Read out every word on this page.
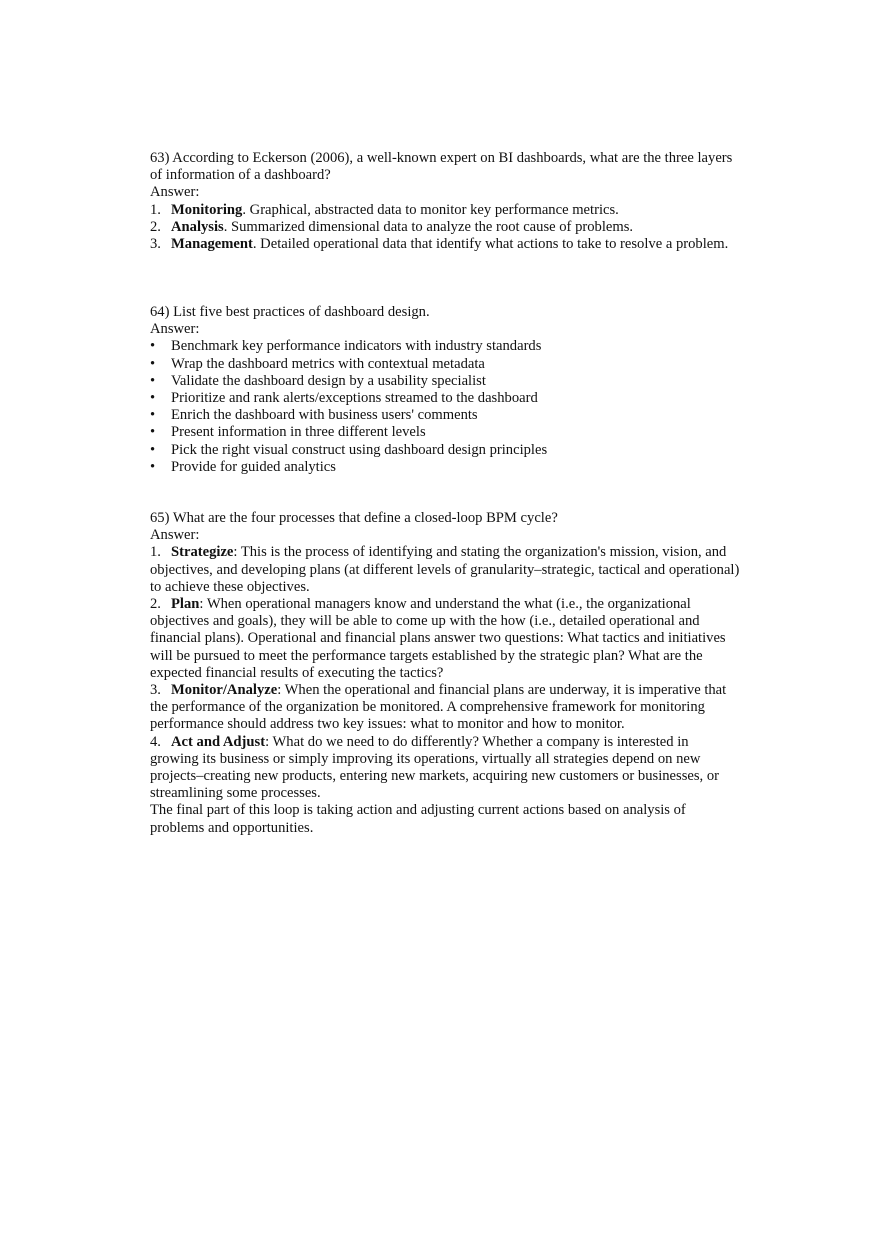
63) According to Eckerson (2006), a well-known expert on BI dashboards, what are the three layers of information of a dashboard?

Answer:

1. Monitoring. Graphical, abstracted data to monitor key performance metrics.

2. Analysis. Summarized dimensional data to analyze the root cause of problems.

3. Management. Detailed operational data that identify what actions to take to resolve a problem.

64) List five best practices of dashboard design.

Answer:

• Benchmark key performance indicators with industry standards
• Wrap the dashboard metrics with contextual metadata
• Validate the dashboard design by a usability specialist
• Prioritize and rank alerts/exceptions streamed to the dashboard
• Enrich the dashboard with business users' comments
• Present information in three different levels
• Pick the right visual construct using dashboard design principles
• Provide for guided analytics

65) What are the four processes that define a closed-loop BPM cycle?

Answer:

1. Strategize: This is the process of identifying and stating the organization's mission, vision, and objectives, and developing plans (at different levels of granularity–strategic, tactical and operational) to achieve these objectives.

2. Plan: When operational managers know and understand the what (i.e., the organizational objectives and goals), they will be able to come up with the how (i.e., detailed operational and financial plans). Operational and financial plans answer two questions: What tactics and initiatives will be pursued to meet the performance targets established by the strategic plan? What are the expected financial results of executing the tactics?

3. Monitor/Analyze: When the operational and financial plans are underway, it is imperative that the performance of the organization be monitored. A comprehensive framework for monitoring performance should address two key issues: what to monitor and how to monitor.

4. Act and Adjust: What do we need to do differently? Whether a company is interested in growing its business or simply improving its operations, virtually all strategies depend on new projects–creating new products, entering new markets, acquiring new customers or businesses, or streamlining some processes.

The final part of this loop is taking action and adjusting current actions based on analysis of problems and opportunities.
